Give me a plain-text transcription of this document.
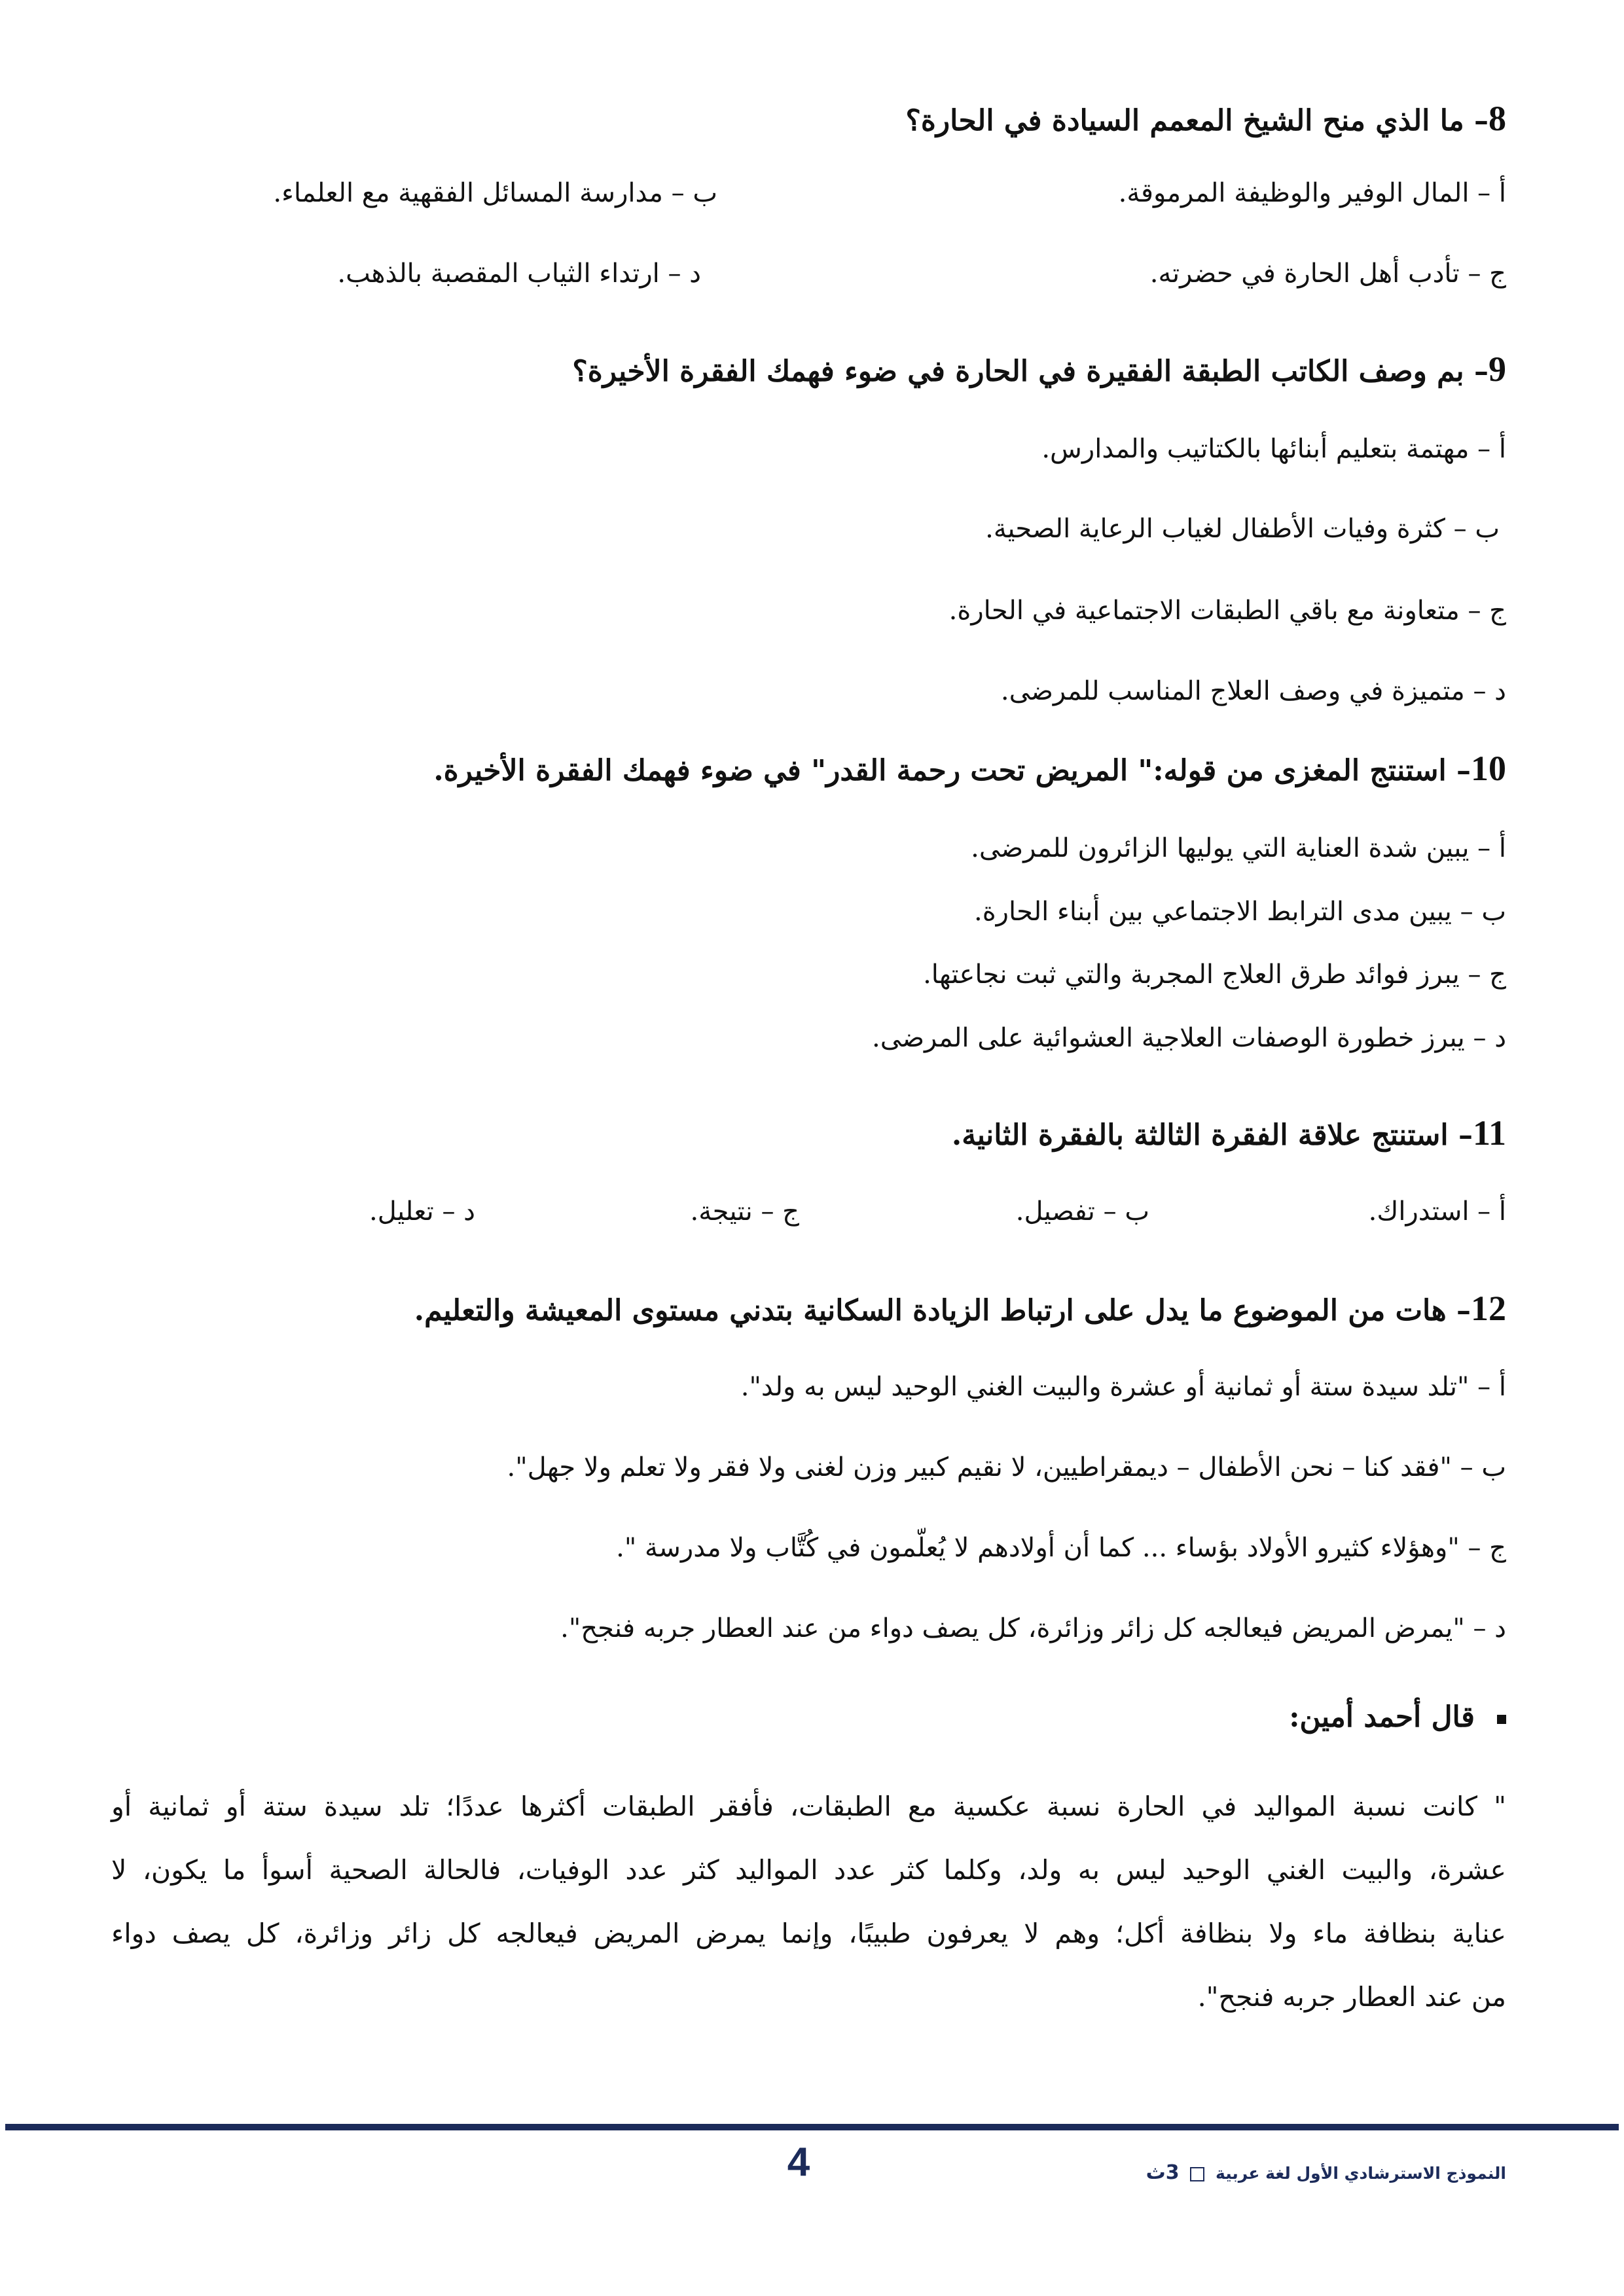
8– ما الذي منح الشيخ المعمم السيادة في الحارة؟
أ – المال الوفير والوظيفة المرموقة.
ب – مدارسة المسائل الفقهية مع العلماء.
ج – تأدب أهل الحارة في حضرته.
د – ارتداء الثياب المقصبة بالذهب.
9– بم وصف الكاتب الطبقة الفقيرة في الحارة في ضوء فهمك الفقرة الأخيرة؟
أ – مهتمة بتعليم أبنائها بالكتاتيب والمدارس.
ب – كثرة وفيات الأطفال لغياب الرعاية الصحية.
ج – متعاونة مع باقي الطبقات الاجتماعية في الحارة.
د – متميزة في وصف العلاج المناسب للمرضى.
10– استنتج المغزى من قوله:" المريض تحت رحمة القدر" في ضوء فهمك الفقرة الأخيرة.
أ – يبين شدة العناية التي يوليها الزائرون للمرضى.
ب – يبين مدى الترابط الاجتماعي بين أبناء الحارة.
ج – يبرز فوائد طرق العلاج المجربة والتي ثبت نجاعتها.
د – يبرز خطورة الوصفات العلاجية العشوائية على المرضى.
11– استنتج علاقة الفقرة الثالثة بالفقرة الثانية.
أ – استدراك.
ب – تفصيل.
ج – نتيجة.
د – تعليل.
12– هات من الموضوع ما يدل على ارتباط الزيادة السكانية بتدني مستوى المعيشة والتعليم.
أ – "تلد سيدة ستة أو ثمانية أو عشرة والبيت الغني الوحيد ليس به ولد".
ب – "فقد كنا – نحن الأطفال – ديمقراطيين، لا نقيم كبير وزن لغنى ولا فقر ولا تعلم ولا جهل".
ج – "وهؤلاء كثيرو الأولاد بؤساء ... كما أن أولادهم لا يُعلّمون في كُتَّاب ولا مدرسة ".
د – "يمرض المريض فيعالجه كل زائر وزائرة، كل يصف دواء من عند العطار جربه فنجح".
قال أحمد أمين:
" كانت نسبة المواليد في الحارة نسبة عكسية مع الطبقات، فأفقر الطبقات أكثرها عددًا؛ تلد سيدة ستة أو ثمانية أو
عشرة، والبيت الغني الوحيد ليس به ولد، وكلما كثر عدد المواليد كثر عدد الوفيات، فالحالة الصحية أسوأ ما يكون، لا
عناية بنظافة ماء ولا بنظافة أكل؛ وهم لا يعرفون طبيبًا، وإنما يمرض المريض فيعالجه كل زائر وزائرة، كل يصف دواء
من عند العطار جربه فنجح".
4	النموذج الاسترشادي الأول لغة عربية  3ث
